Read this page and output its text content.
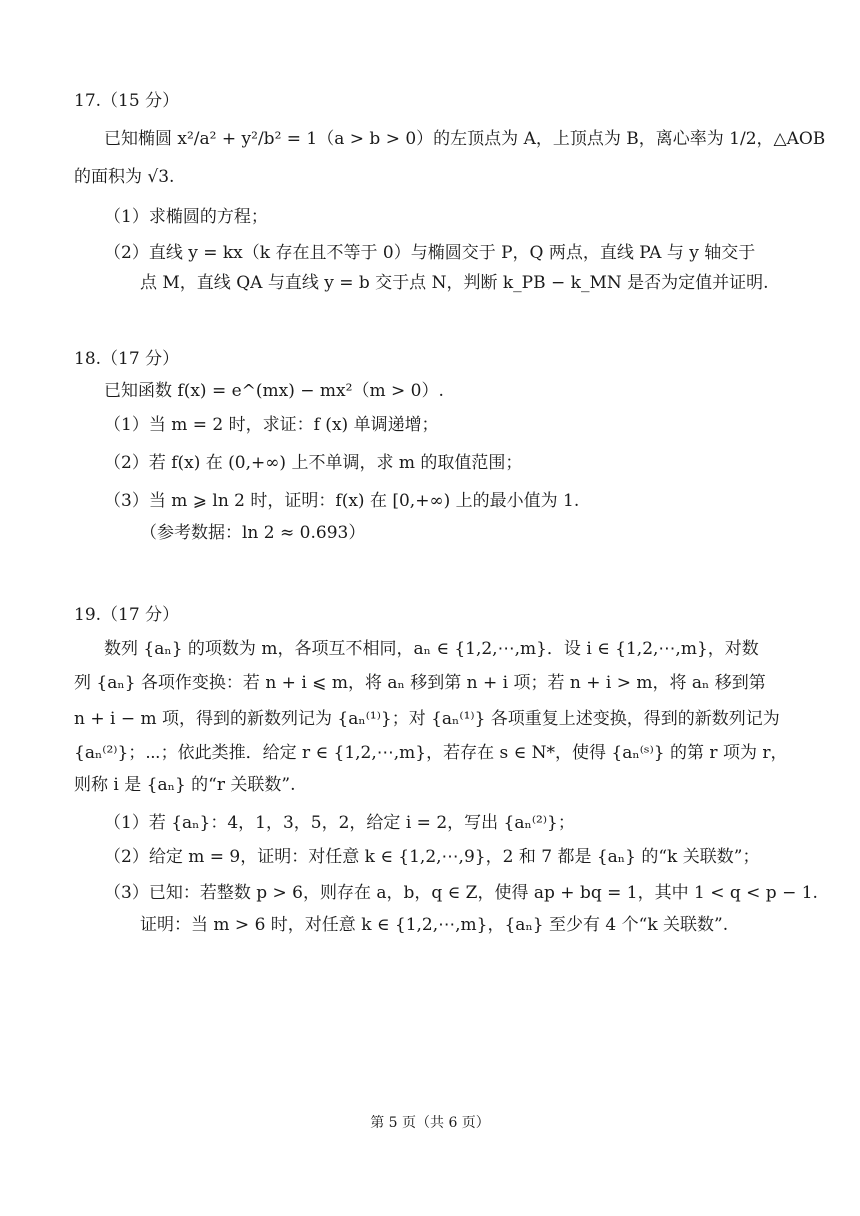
17.（15 分）
已知椭圆 x²/a² + y²/b² = 1（a > b > 0）的左顶点为 A，上顶点为 B，离心率为 1/2，△AOB
的面积为 √3.
（1）求椭圆的方程；
（2）直线 y = kx（k 存在且不等于 0）与椭圆交于 P，Q 两点，直线 PA 与 y 轴交于
点 M，直线 QA 与直线 y = b 交于点 N，判断 k_PB − k_MN 是否为定值并证明.
18.（17 分）
已知函数 f(x) = e^(mx) − mx²（m > 0）.
（1）当 m = 2 时，求证：f (x) 单调递增；
（2）若 f(x) 在 (0,+∞) 上不单调，求 m 的取值范围；
（3）当 m ⩾ ln 2 时，证明：f(x) 在 [0,+∞) 上的最小值为 1.
（参考数据：ln 2 ≈ 0.693）
19.（17 分）
数列 {aₙ} 的项数为 m，各项互不相同，aₙ ∈ {1,2,⋯,m}．设 i ∈ {1,2,⋯,m}，对数
列 {aₙ} 各项作变换：若 n + i ⩽ m，将 aₙ 移到第 n + i 项；若 n + i > m，将 aₙ 移到第
n + i − m 项，得到的新数列记为 {aₙ⁽¹⁾}；对 {aₙ⁽¹⁾} 各项重复上述变换，得到的新数列记为
{aₙ⁽²⁾}；⋯；依此类推．给定 r ∈ {1,2,⋯,m}，若存在 s ∈ N*，使得 {aₙ⁽ˢ⁾} 的第 r 项为 r，
则称 i 是 {aₙ} 的“r 关联数”.
（1）若 {aₙ}：4，1，3，5，2，给定 i = 2，写出 {aₙ⁽²⁾}；
（2）给定 m = 9，证明：对任意 k ∈ {1,2,⋯,9}，2 和 7 都是 {aₙ} 的“k 关联数”；
（3）已知：若整数 p > 6，则存在 a，b，q ∈ Z，使得 ap + bq = 1，其中 1 < q < p − 1.
证明：当 m > 6 时，对任意 k ∈ {1,2,⋯,m}，{aₙ} 至少有 4 个“k 关联数”.
第 5 页（共 6 页）
